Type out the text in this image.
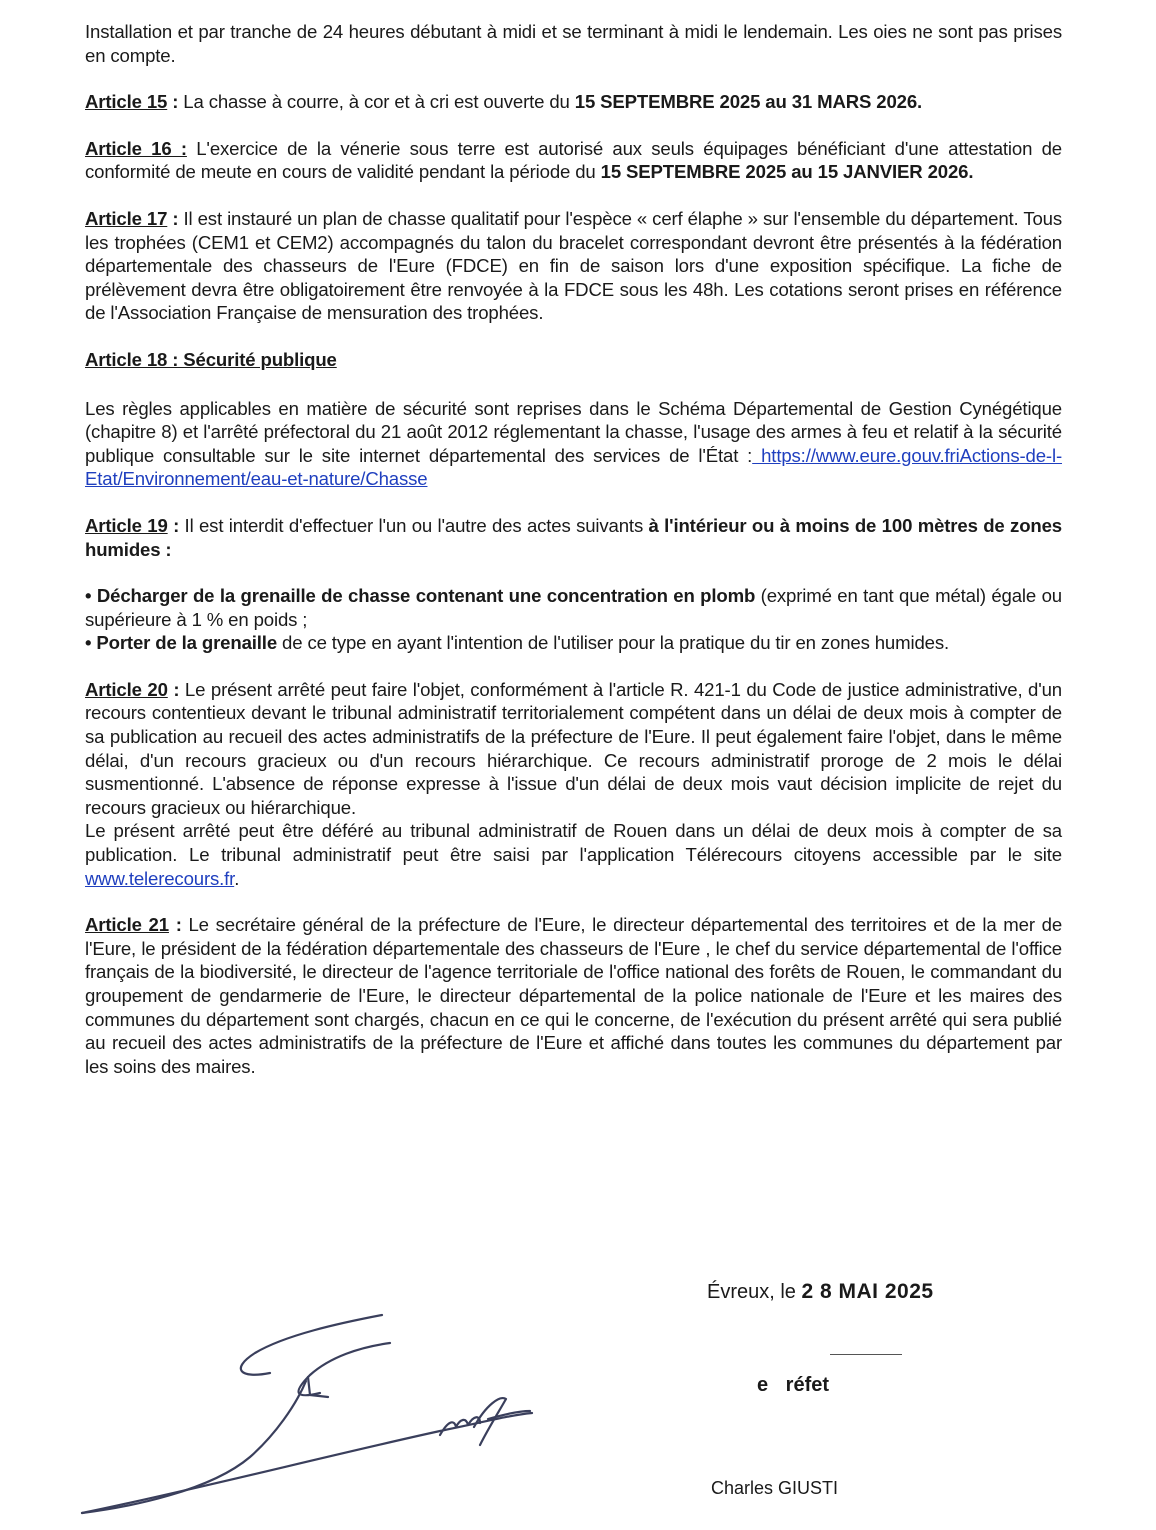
Installation et par tranche de 24 heures débutant à midi et se terminant à midi le lendemain. Les oies ne sont pas prises en compte.

Article 15 : La chasse à courre, à cor et à cri est ouverte du 15 SEPTEMBRE 2025 au 31 MARS 2026.

Article 16 : L'exercice de la vénerie sous terre est autorisé aux seuls équipages bénéficiant d'une attestation de conformité de meute en cours de validité pendant la période du 15 SEPTEMBRE 2025 au 15 JANVIER 2026.

Article 17 : Il est instauré un plan de chasse qualitatif pour l'espèce « cerf élaphe » sur l'ensemble du département. Tous les trophées (CEM1 et CEM2) accompagnés du talon du bracelet correspondant devront être présentés à la fédération départementale des chasseurs de l'Eure (FDCE) en fin de saison lors d'une exposition spécifique. La fiche de prélèvement devra être obligatoirement être renvoyée à la FDCE sous les 48h. Les cotations seront prises en référence de l'Association Française de mensuration des trophées.

Article 18 : Sécurité publique

Les règles applicables en matière de sécurité sont reprises dans le Schéma Départemental de Gestion Cynégétique (chapitre 8) et l'arrêté préfectoral du 21 août 2012 réglementant la chasse, l'usage des armes à feu et relatif à la sécurité publique consultable sur le site internet départemental des services de l'État : https://www.eure.gouv.friActions-de-l-Etat/Environnement/eau-et-nature/Chasse

Article 19 : Il est interdit d'effectuer l'un ou l'autre des actes suivants à l'intérieur ou à moins de 100 mètres de zones humides :

• Décharger de la grenaille de chasse contenant une concentration en plomb (exprimé en tant que métal) égale ou supérieure à 1 % en poids ;

• Porter de la grenaille de ce type en ayant l'intention de l'utiliser pour la pratique du tir en zones humides.

Article 20 : Le présent arrêté peut faire l'objet, conformément à l'article R. 421-1 du Code de justice administrative, d'un recours contentieux devant le tribunal administratif territorialement compétent dans un délai de deux mois à compter de sa publication au recueil des actes administratifs de la préfecture de l'Eure. Il peut également faire l'objet, dans le même délai, d'un recours gracieux ou d'un recours hiérarchique. Ce recours administratif proroge de 2 mois le délai susmentionné. L'absence de réponse expresse à l'issue d'un délai de deux mois vaut décision implicite de rejet du recours gracieux ou hiérarchique.

Le présent arrêté peut être déféré au tribunal administratif de Rouen dans un délai de deux mois à compter de sa publication. Le tribunal administratif peut être saisi par l'application Télérecours citoyens accessible par le site www.telerecours.fr.

Article 21 : Le secrétaire général de la préfecture de l'Eure, le directeur départemental des territoires et de la mer de l'Eure, le président de la fédération départementale des chasseurs de l'Eure , le chef du service départemental de l'office français de la biodiversité, le directeur de l'agence territoriale de l'office national des forêts de Rouen, le commandant du groupement de gendarmerie de l'Eure, le directeur départemental de la police nationale de l'Eure et les maires des communes du département sont chargés, chacun en ce qui le concerne, de l'exécution du présent arrêté qui sera publié au recueil des actes administratifs de la préfecture de l'Eure et affiché dans toutes les communes du département par les soins des maires.

Évreux, le 2 8 MAI 2025
e réfet
Charles GIUSTI
